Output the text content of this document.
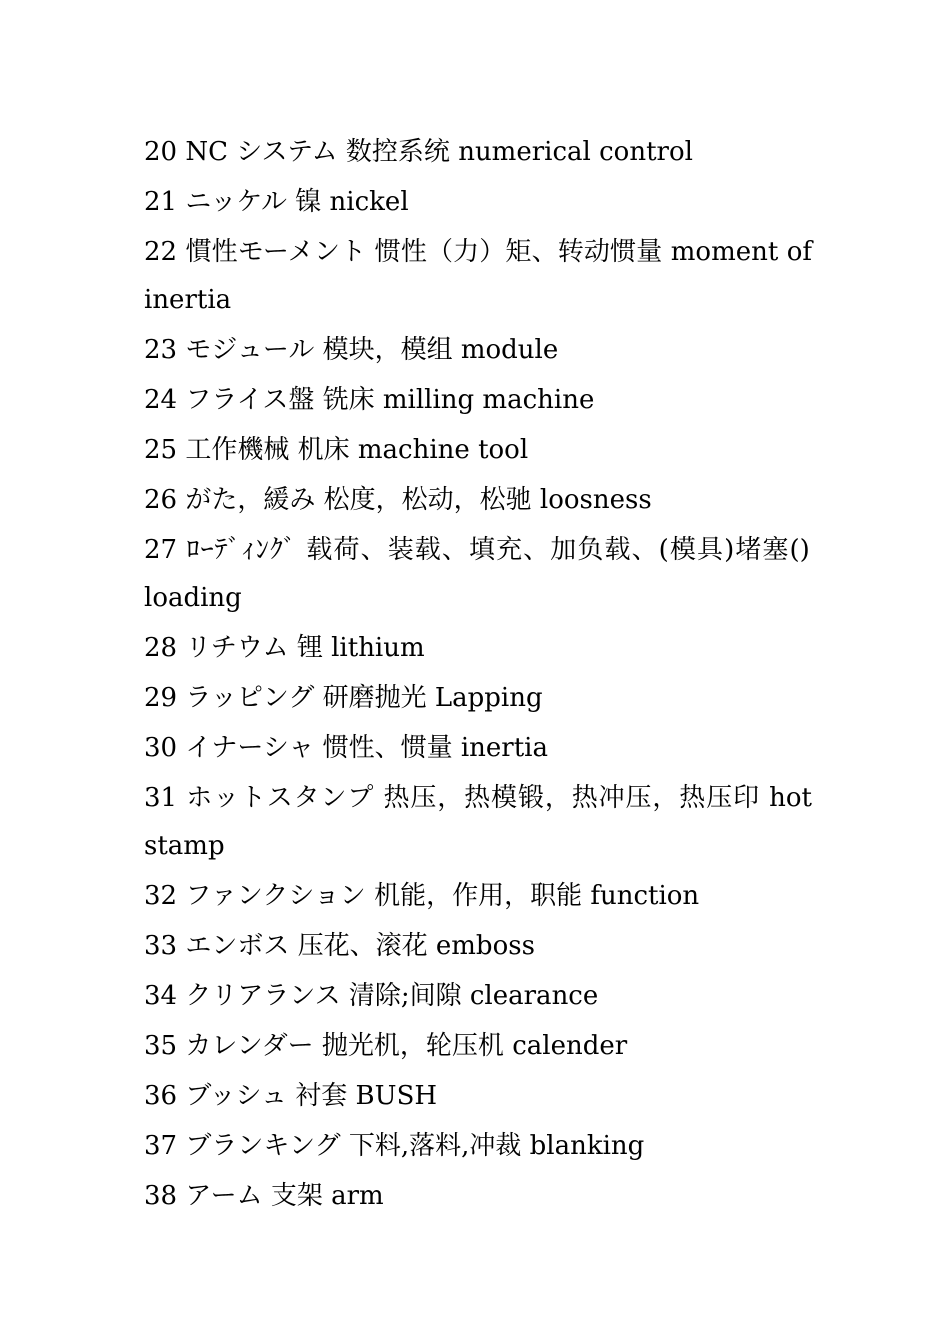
20 NC システム 数控系统 numerical control

21 ニッケル 镍 nickel

22 慣性モーメント 惯性（力）矩、转动惯量 moment of inertia

23 モジュール 模块，模组 module

24 フライス盤 铣床 milling machine

25 工作機械 机床 machine tool

26 がた，緩み 松度，松动，松驰 loosness

27 ﾛｰﾃﾞｨﾝｸﾞ 载荷、装载、填充、加负载、(模具)堵塞() loading

28 リチウム 锂 lithium

29 ラッピング 研磨抛光 Lapping

30 イナーシャ 惯性、惯量 inertia

31 ホットスタンプ 热压，热模锻，热冲压，热压印 hot stamp

32 ファンクション 机能，作用，职能 function

33 エンボス 压花、滚花 emboss

34 クリアランス 清除;间隙 clearance

35 カレンダー 抛光机，轮压机 calender

36 ブッシュ 衬套 BUSH

37 ブランキング 下料,落料,冲裁 blanking

38 アーム 支架 arm
